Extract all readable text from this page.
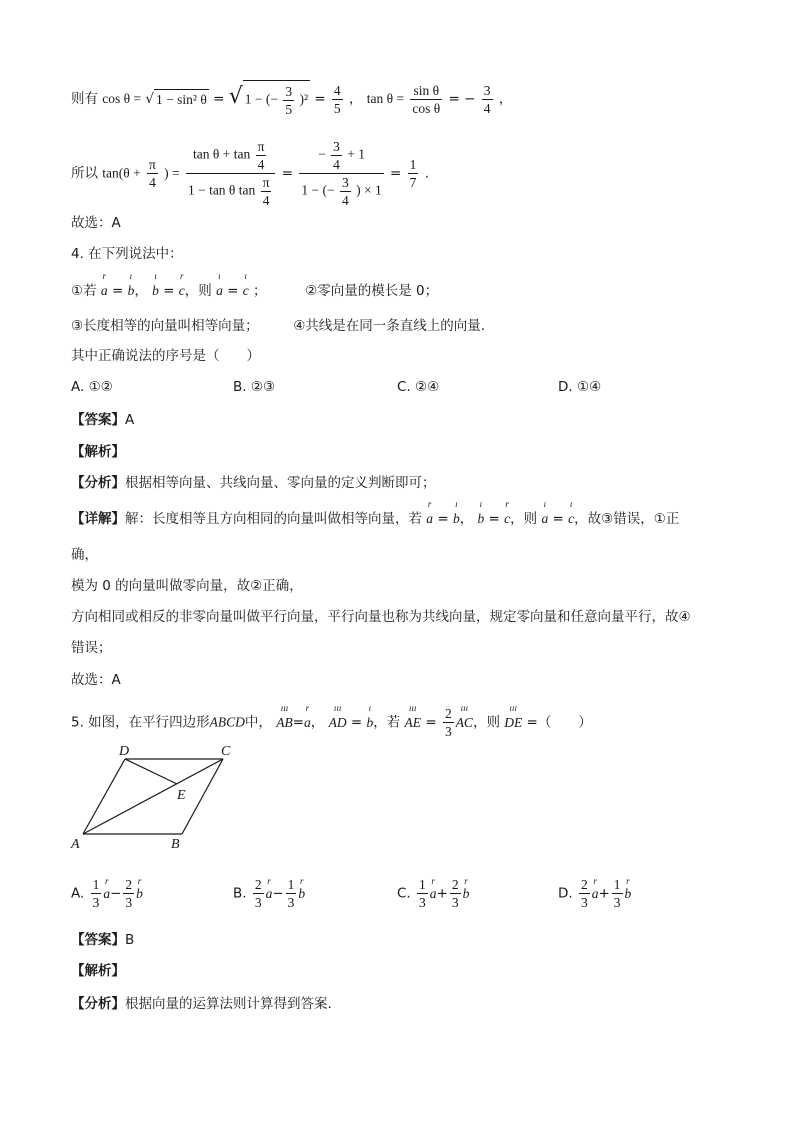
则有 cos θ = √ 1 − sin² θ = √ 1 − (− $\frac{3}{5} )^2 = \frac{4}{5}$ ， $\tan \theta = \frac{\text{sin θ}}{\text{cos θ}}$ = − $\frac{3}{4}$ ，
所以 $\tan(\theta + \frac{\pi}{4}$ ) = $\frac{\tan \theta + \tan \frac{\pi}{4}}{1 - \tan \theta \tan \frac{\pi}{4}} = \frac{- \frac{3}{4} + 1}{1 - (- \frac{3}{4} ) \times 1} = \frac{1}{7}$ .
故选：A
4. 在下列说法中：
①若
r
a =
ı
b，
ı
b =
r
c，则
ı
a =
ı
c ；	②零向量的模长是 0；
③长度相等的向量叫相等向量；	④共线是在同一条直线上的向量.
其中正确说法的序号是（　　）
A. ①②	B. ②③	C. ②④	D. ①④
【答案】A
【解析】
【分析】根据相等向量、共线向量、零向量的定义判断即可；
【详解】解：长度相等且方向相同的向量叫做相等向量，若
r
a =
ı
b，
ı
b =
r
c，则
ı
a =
ı
c，故③错误，①正
确，
模为 0 的向量叫做零向量，故②正确，
方向相同或相反的非零向量叫做平行向量，平行向量也称为共线向量，规定零向量和任意向量平行，故④
错误；
故选：A
5. 如图，在平行四边形ABCD中，
ııı
AB=
r
a，
ııı
AD =
ı
b，若
ııı
AE = $\frac{2}{3}$ ııı
AC，则
ııı
DE =（　　）
D	C
E
A	B
A. $\frac{1}{3}$ r
$a- \frac{2}{3}$ r
b	B. $\frac{2}{3}$ r
$a- \frac{1}{3}$ r
b	C. $\frac{1}{3}$ r
$a+ \frac{2}{3}$ r
b	D. $\frac{2}{3}$ r
$a+ \frac{1}{3}$ r
b
【答案】B
【解析】
【分析】根据向量的运算法则计算得到答案.
